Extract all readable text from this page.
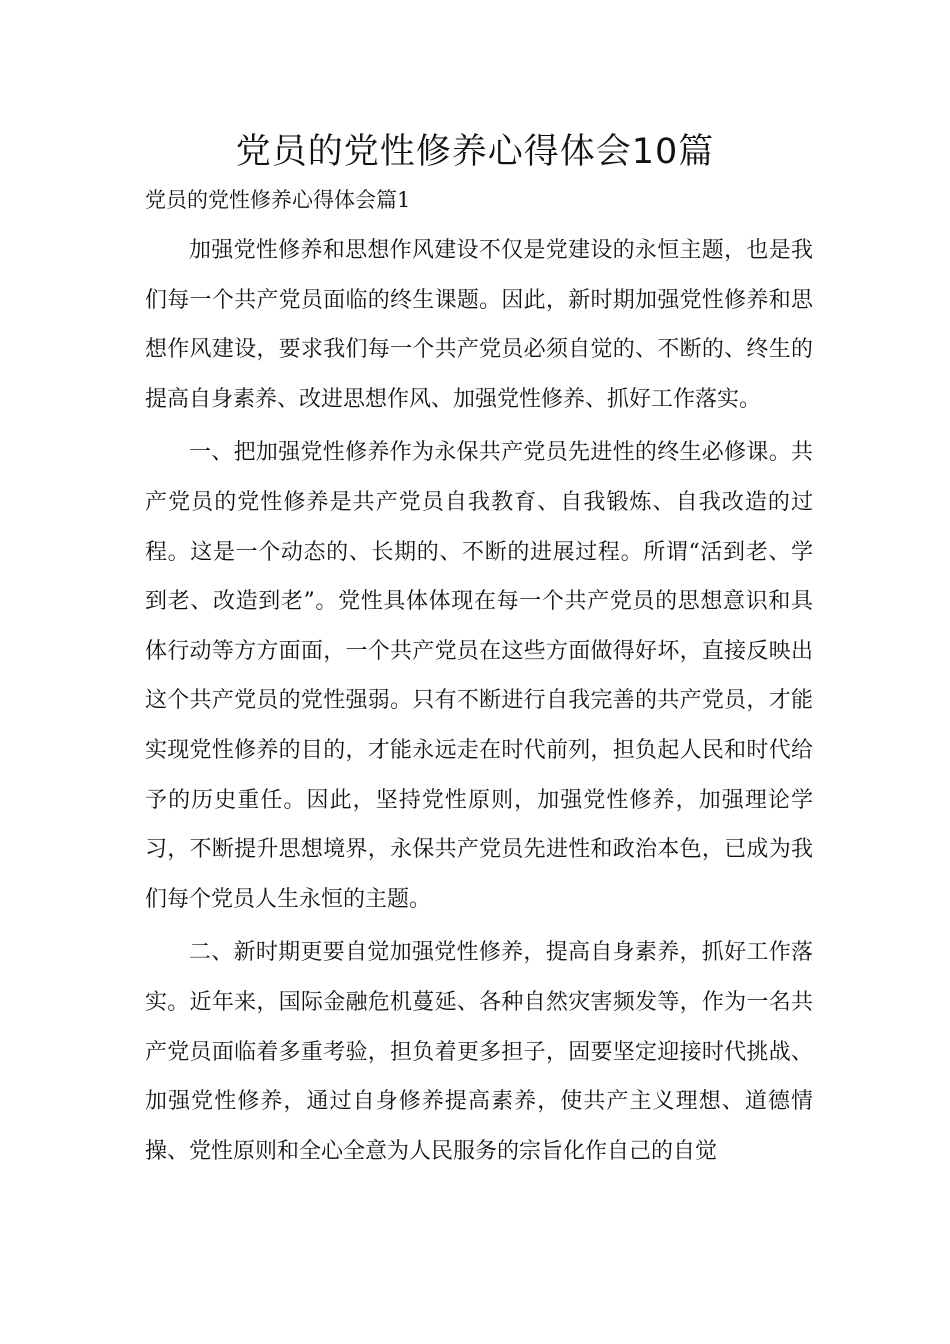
党员的党性修养心得体会10篇
党员的党性修养心得体会篇1

加强党性修养和思想作风建设不仅是党建设的永恒主题，也是我们每一个共产党员面临的终生课题。因此，新时期加强党性修养和思想作风建设，要求我们每一个共产党员必须自觉的、不断的、终生的提高自身素养、改进思想作风、加强党性修养、抓好工作落实。

一、把加强党性修养作为永保共产党员先进性的终生必修课。共产党员的党性修养是共产党员自我教育、自我锻炼、自我改造的过程。这是一个动态的、长期的、不断的进展过程。所谓“活到老、学到老、改造到老”。党性具体体现在每一个共产党员的思想意识和具体行动等方方面面，一个共产党员在这些方面做得好坏，直接反映出这个共产党员的党性强弱。只有不断进行自我完善的共产党员，才能实现党性修养的目的，才能永远走在时代前列，担负起人民和时代给予的历史重任。因此，坚持党性原则，加强党性修养，加强理论学习，不断提升思想境界，永保共产党员先进性和政治本色，已成为我们每个党员人生永恒的主题。

二、新时期更要自觉加强党性修养，提高自身素养，抓好工作落实。近年来，国际金融危机蔓延、各种自然灾害频发等，作为一名共产党员面临着多重考验，担负着更多担子，固要坚定迎接时代挑战、加强党性修养，通过自身修养提高素养，使共产主义理想、道德情操、党性原则和全心全意为人民服务的宗旨化作自己的自觉
